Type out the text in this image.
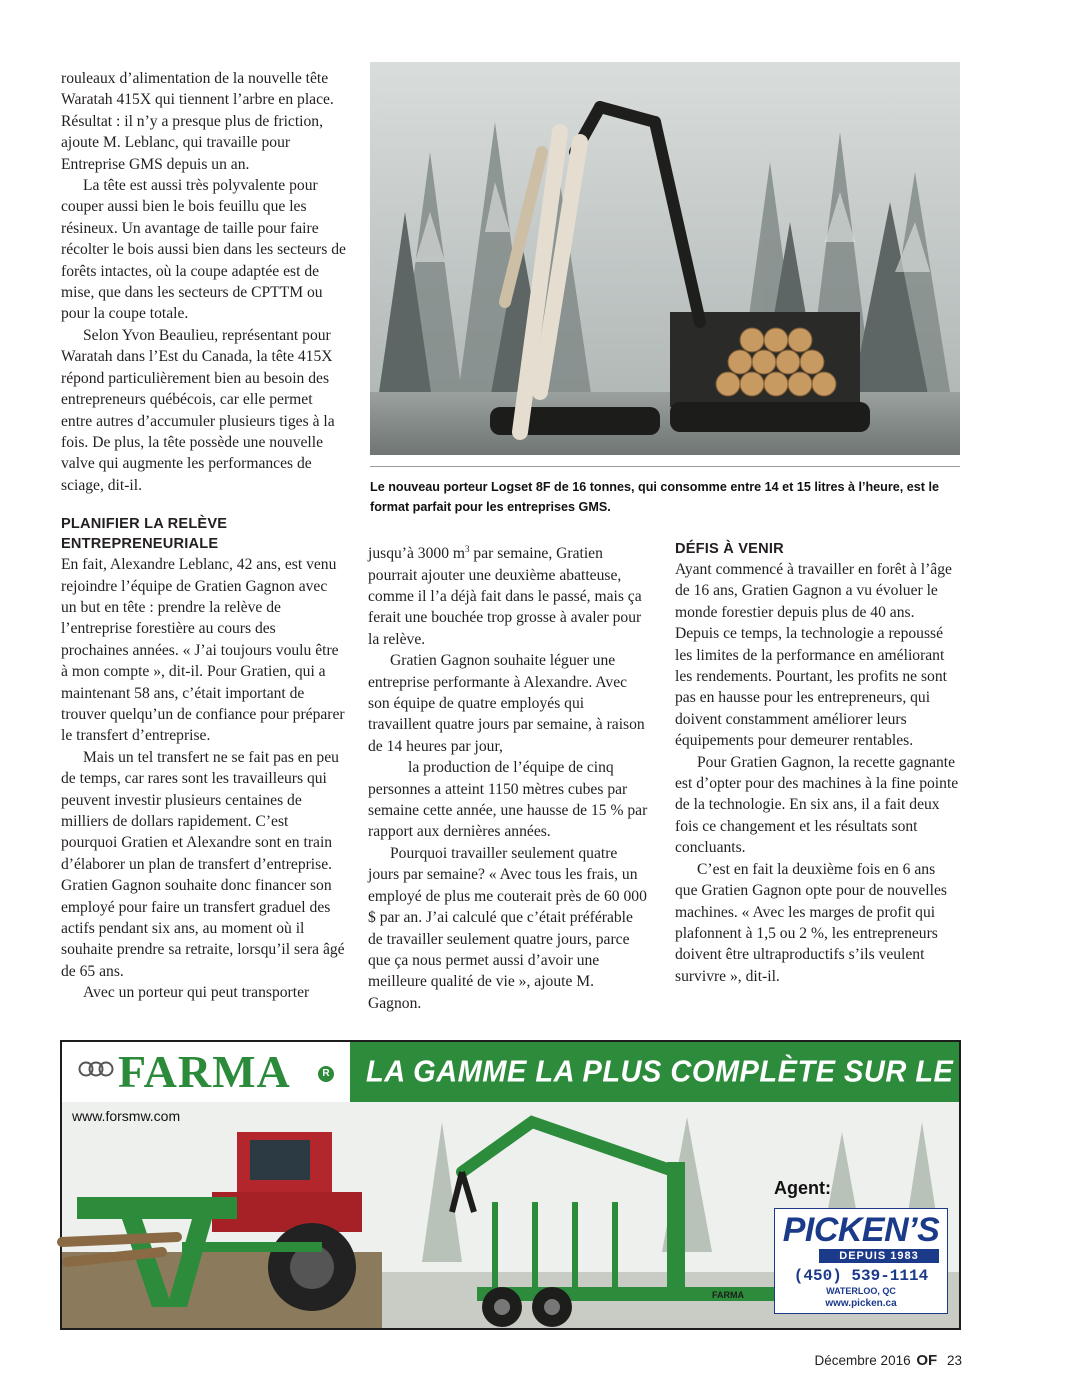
rouleaux d’alimentation de la nouvelle tête Waratah 415X qui tiennent l’arbre en place. Résultat : il n’y a presque plus de friction, ajoute M. Leblanc, qui travaille pour Entreprise GMS depuis un an.

La tête est aussi très polyvalente pour couper aussi bien le bois feuillu que les résineux. Un avantage de taille pour faire récolter le bois aussi bien dans les secteurs de forêts intactes, où la coupe adaptée est de mise, que dans les secteurs de CPTTM ou pour la coupe totale.

Selon Yvon Beaulieu, représentant pour Waratah dans l’Est du Canada, la tête 415X répond particulièrement bien au besoin des entrepreneurs québécois, car elle permet entre autres d’accumuler plusieurs tiges à la fois. De plus, la tête possède une nouvelle valve qui augmente les performances de sciage, dit-il.

PLANIFIER LA RELÈVE ENTREPRENEURIALE

En fait, Alexandre Leblanc, 42 ans, est venu rejoindre l’équipe de Gratien Gagnon avec un but en tête : prendre la relève de l’entreprise forestière au cours des prochaines années. « J’ai toujours voulu être à mon compte », dit-il. Pour Gratien, qui a maintenant 58 ans, c’était important de trouver quelqu’un de confiance pour préparer le transfert d’entreprise.

Mais un tel transfert ne se fait pas en peu de temps, car rares sont les travailleurs qui peuvent investir plusieurs centaines de milliers de dollars rapidement. C’est pourquoi Gratien et Alexandre sont en train d’élaborer un plan de transfert d’entreprise. Gratien Gagnon souhaite donc financer son employé pour faire un transfert graduel des actifs pendant six ans, au moment où il souhaite prendre sa retraite, lorsqu’il sera âgé de 65 ans.

Avec un porteur qui peut transporter

Le nouveau porteur Logset 8F de 16 tonnes, qui consomme entre 14 et 15 litres à l’heure, est le format parfait pour les entreprises GMS.

jusqu’à 3000 $m^3$ par semaine, Gratien pourrait ajouter une deuxième abatteuse, comme il l’a déjà fait dans le passé, mais ça ferait une bouchée trop grosse à avaler pour la relève.

Gratien Gagnon souhaite léguer une entreprise performante à Alexandre. Avec son équipe de quatre employés qui travaillent quatre jours par semaine, à raison de 14 heures par jour,

la production de l’équipe de cinq personnes a atteint 1150 mètres cubes par semaine cette année, une hausse de 15 % par rapport aux dernières années.

Pourquoi travailler seulement quatre jours par semaine? « Avec tous les frais, un employé de plus me couterait près de 60 000 $ par an. J’ai calculé que c’était préférable de travailler seulement quatre jours, parce que ça nous permet aussi d’avoir une meilleure qualité de vie », ajoute M. Gagnon.

DÉFIS À VENIR

Ayant commencé à travailler en forêt à l’âge de 16 ans, Gratien Gagnon a vu évoluer le monde forestier depuis plus de 40 ans. Depuis ce temps, la technologie a repoussé les limites de la performance en améliorant les rendements. Pourtant, les profits ne sont pas en hausse pour les entrepreneurs, qui doivent constamment améliorer leurs équipements pour demeurer rentables.

Pour Gratien Gagnon, la recette gagnante est d’opter pour des machines à la fine pointe de la technologie. En six ans, il a fait deux fois ce changement et les résultats sont concluants.

C’est en fait la deuxième fois en 6 ans que Gratien Gagnon opte pour de nouvelles machines. « Avec les marges de profit qui plafonnent à 1,5 ou 2 %, les entrepreneurs doivent être ultraproductifs s’ils veulent survivre », dit-il.

FARMA	R LA GAMME LA PLUS COMPLÈTE SUR LE MARCHÉ
FARMA
www.forsmw.com
Agent:
PICKEN’S
DEPUIS 1983
(450) 539-1114
WATERLOO, QC
www.picken.ca
Décembre 2016 OF 23
